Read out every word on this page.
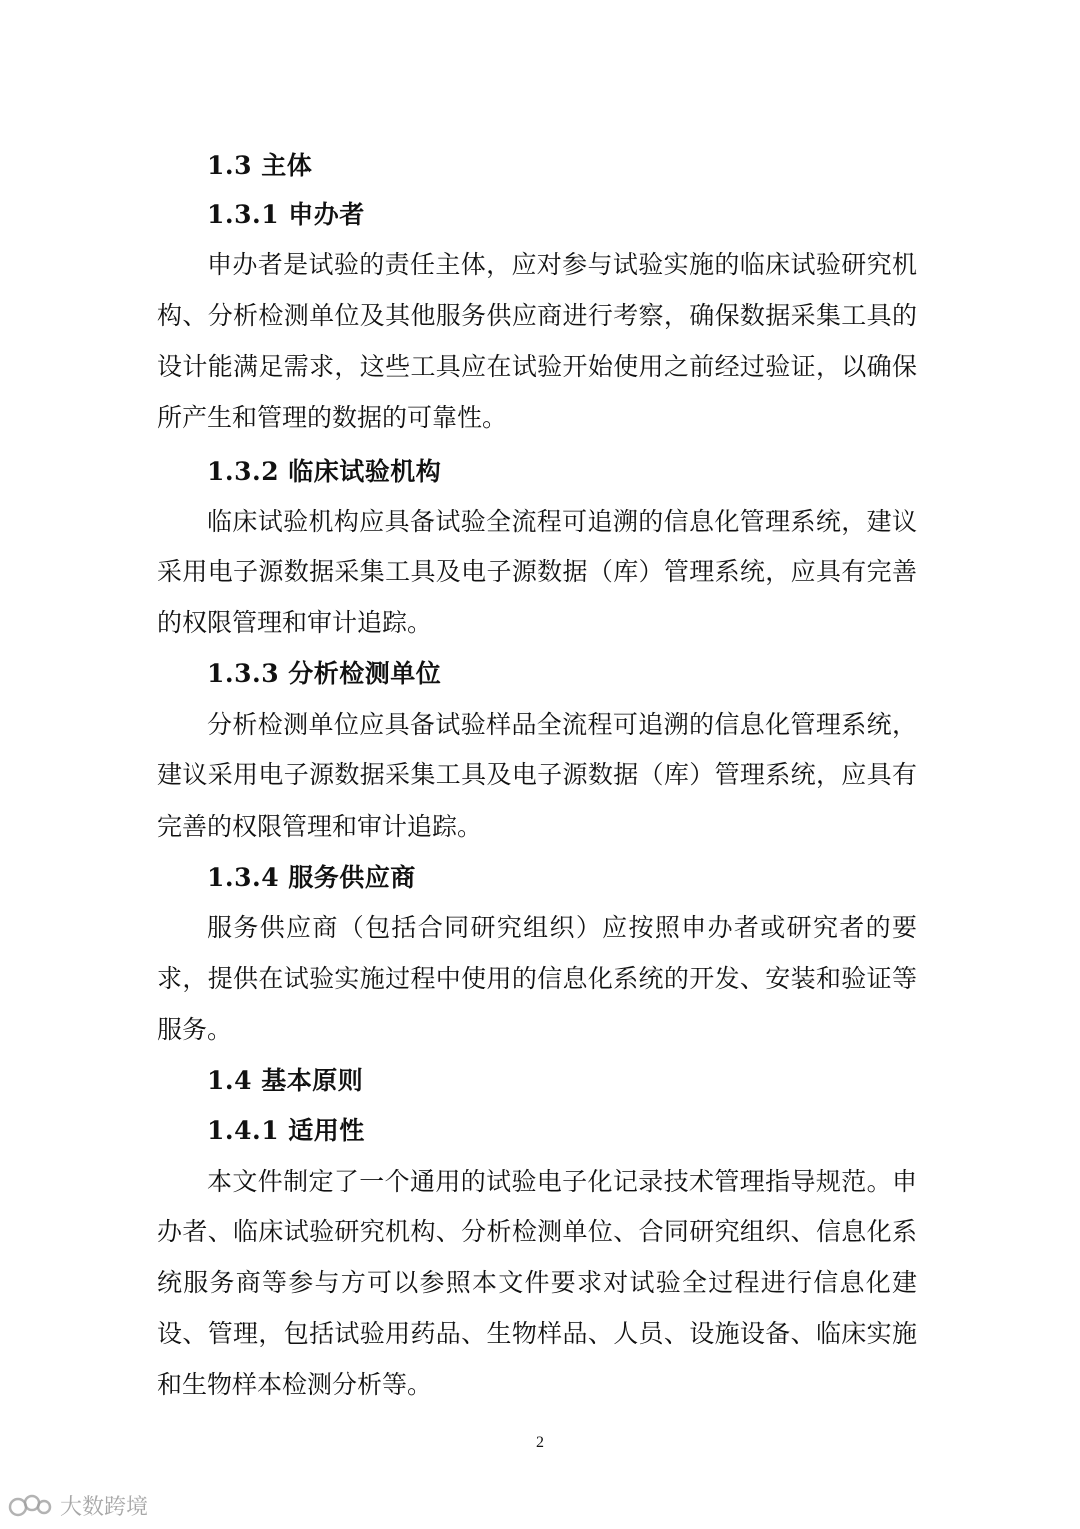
1.3 主体
1.3.1 申办者
申办者是试验的责任主体，应对参与试验实施的临床试验研究机
构、分析检测单位及其他服务供应商进行考察，确保数据采集工具的
设计能满足需求，这些工具应在试验开始使用之前经过验证，以确保
所产生和管理的数据的可靠性。
1.3.2 临床试验机构
临床试验机构应具备试验全流程可追溯的信息化管理系统，建议
采用电子源数据采集工具及电子源数据（库）管理系统，应具有完善
的权限管理和审计追踪。
1.3.3 分析检测单位
分析检测单位应具备试验样品全流程可追溯的信息化管理系统，
建议采用电子源数据采集工具及电子源数据（库）管理系统，应具有
完善的权限管理和审计追踪。
1.3.4 服务供应商
服务供应商（包括合同研究组织）应按照申办者或研究者的要
求，提供在试验实施过程中使用的信息化系统的开发、安装和验证等
服务。
1.4 基本原则
1.4.1 适用性
本文件制定了一个通用的试验电子化记录技术管理指导规范。申
办者、临床试验研究机构、分析检测单位、合同研究组织、信息化系
统服务商等参与方可以参照本文件要求对试验全过程进行信息化建
设、管理，包括试验用药品、生物样品、人员、设施设备、临床实施
和生物样本检测分析等。
2
大数跨境
